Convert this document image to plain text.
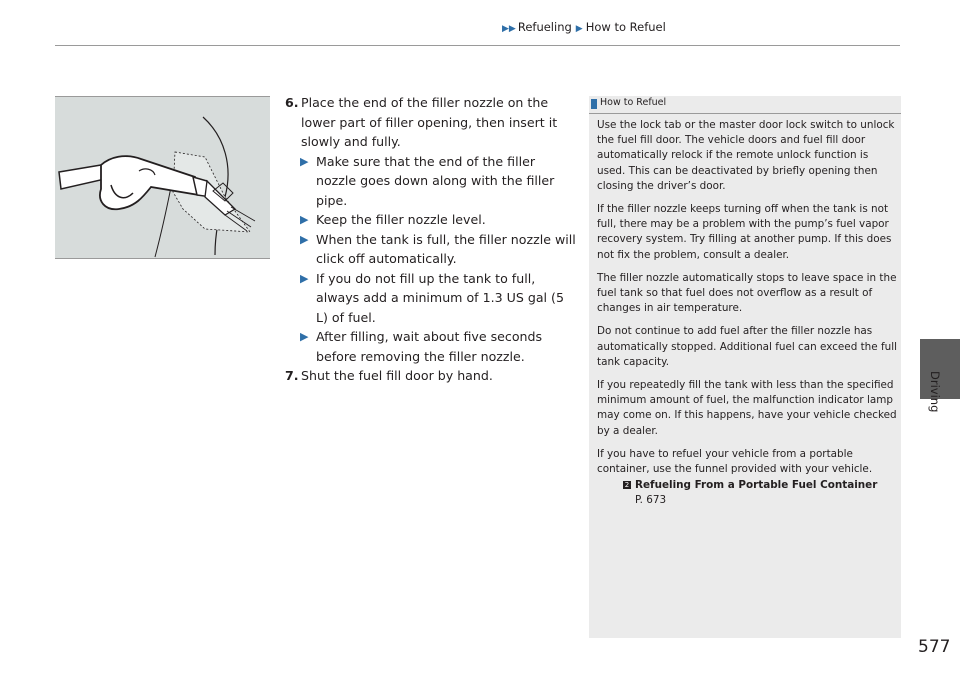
▶▶ Refueling ▶ How to Refuel
Driving
6. Place the end of the filler nozzle on the lower part of filler opening, then insert it slowly and fully.
▶ Make sure that the end of the filler nozzle goes down along with the filler pipe.
▶ Keep the filler nozzle level.
▶ When the tank is full, the filler nozzle will click off automatically.
▶ If you do not fill up the tank to full, always add a minimum of 1.3 US gal (5 L) of fuel.
▶ After filling, wait about five seconds before removing the filler nozzle.
7. Shut the fuel fill door by hand.
How to Refuel

Use the lock tab or the master door lock switch to unlock the fuel fill door. The vehicle doors and fuel fill door automatically relock if the remote unlock function is used. This can be deactivated by briefly opening then closing the driver’s door.

If the filler nozzle keeps turning off when the tank is not full, there may be a problem with the pump’s fuel vapor recovery system. Try filling at another pump. If this does not fix the problem, consult a dealer.

The filler nozzle automatically stops to leave space in the fuel tank so that fuel does not overflow as a result of changes in air temperature.

Do not continue to add fuel after the filler nozzle has automatically stopped. Additional fuel can exceed the full tank capacity.

If you repeatedly fill the tank with less than the specified minimum amount of fuel, the malfunction indicator lamp may come on. If this happens, have your vehicle checked by a dealer.

If you have to refuel your vehicle from a portable container, use the funnel provided with your vehicle.

2 Refueling From a Portable Fuel Container
P. 673
577
